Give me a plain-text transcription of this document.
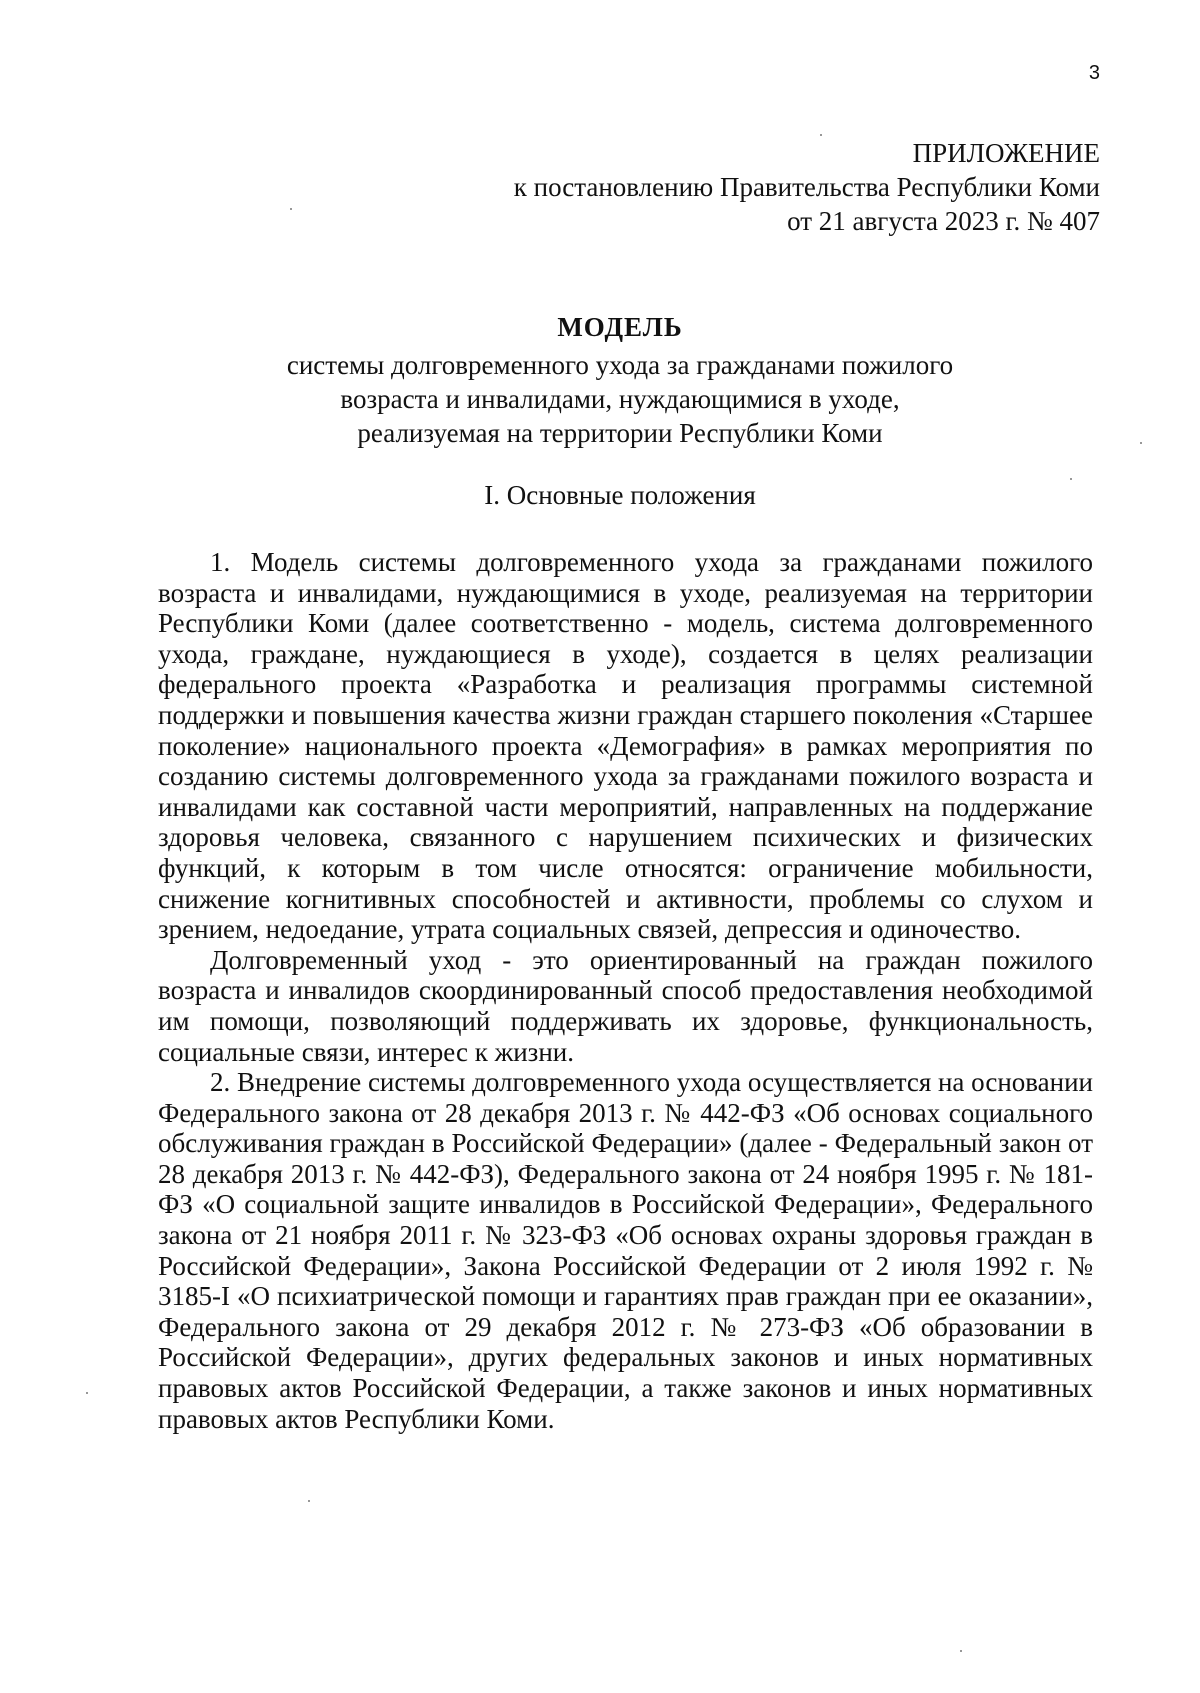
3
ПРИЛОЖЕНИЕ
к постановлению Правительства Республики Коми
от 21 августа 2023 г. № 407
МОДЕЛЬ
системы долговременного ухода за гражданами пожилого
возраста и инвалидами, нуждающимися в уходе,
реализуемая на территории Республики Коми
I. Основные положения

1. Модель системы долговременного ухода за гражданами пожилого возраста и инвалидами, нуждающимися в уходе, реализуемая на территории Республики Коми (далее соответственно - модель, система долговременного ухода, граждане, нуждающиеся в уходе), создается в целях реализации федерального проекта «Разработка и реализация программы системной поддержки и повышения качества жизни граждан старшего поколения «Старшее поколение» национального проекта «Демография» в рамках мероприятия по созданию системы долговременного ухода за гражданами пожилого возраста и инвалидами как составной части мероприятий, направленных на поддержание здоровья человека, связанного с нарушением психических и физических функций, к которым в том числе относятся: ограничение мобильности, снижение когнитивных способностей и активности, проблемы со слухом и зрением, недоедание, утрата социальных связей, депрессия и одиночество.

Долговременный уход - это ориентированный на граждан пожилого возраста и инвалидов скоординированный способ предоставления необходимой им помощи, позволяющий поддерживать их здоровье, функциональность, социальные связи, интерес к жизни.

2. Внедрение системы долговременного ухода осуществляется на основании Федерального закона от 28 декабря 2013 г. № 442-ФЗ «Об основах социального обслуживания граждан в Российской Федерации» (далее - Федеральный закон от 28 декабря 2013 г. № 442-ФЗ), Федерального закона от 24 ноября 1995 г. № 181-ФЗ «О социальной защите инвалидов в Российской Федерации», Федерального закона от 21 ноября 2011 г. № 323-ФЗ «Об основах охраны здоровья граждан в Российской Федерации», Закона Российской Федерации от 2 июля 1992 г. № 3185-I «О психиатрической помощи и гарантиях прав граждан при ее оказании», Федерального закона от 29 декабря 2012 г. № 273-ФЗ «Об образовании в Российской Федерации», других федеральных законов и иных нормативных правовых актов Российской Федерации, а также законов и иных нормативных правовых актов Республики Коми.
